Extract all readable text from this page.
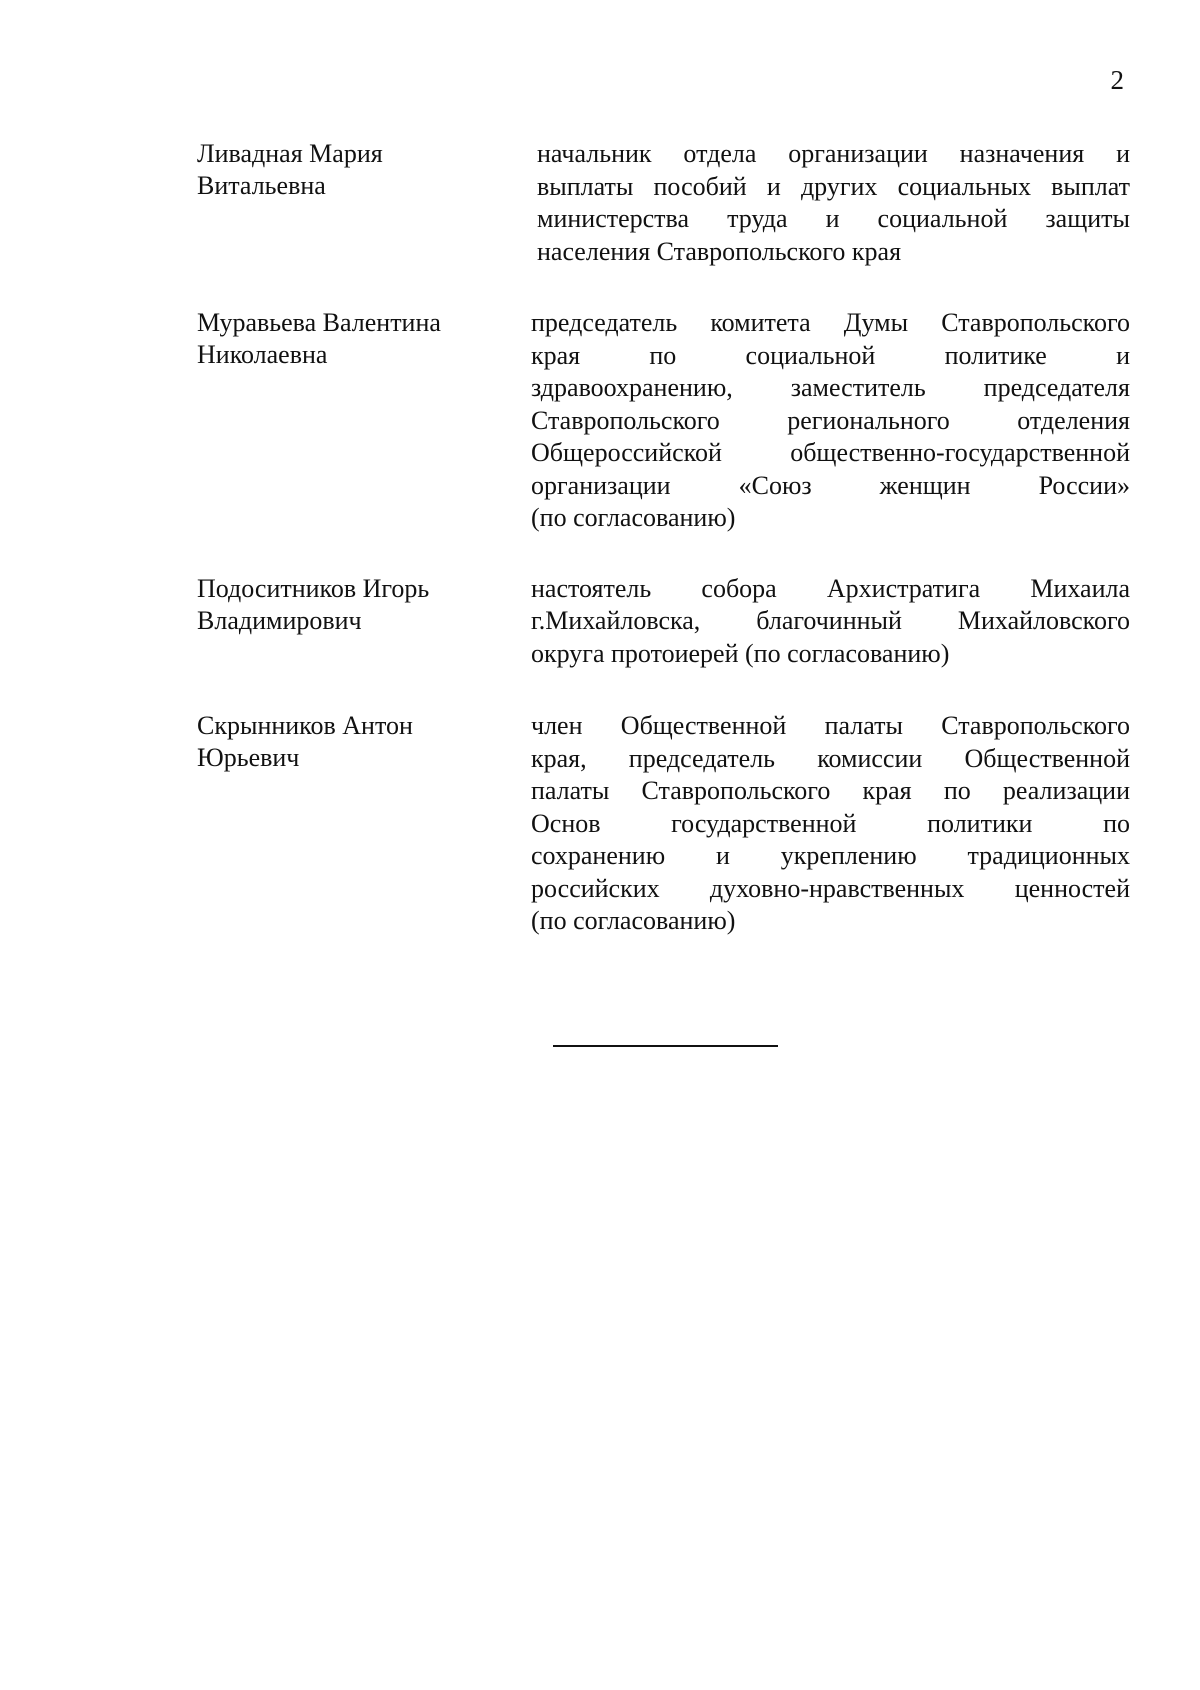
2
Ливадная Мария
Витальевна
начальник отдела организации назначения и
выплаты пособий и других социальных выплат
министерства труда и социальной защиты
населения Ставропольского края
Муравьева Валентина
Николаевна
председатель комитета Думы Ставропольского
края по социальной политике и
здравоохранению, заместитель председателя
Ставропольского регионального отделения
Общероссийской общественно-государственной
организации «Союз женщин России»
(по согласованию)
Подоситников Игорь
Владимирович
настоятель собора Архистратига Михаила
г.Михайловска, благочинный Михайловского
округа протоиерей (по согласованию)
Скрынников Антон
Юрьевич
член Общественной палаты Ставропольского
края, председатель комиссии Общественной
палаты Ставропольского края по реализации
Основ государственной политики по
сохранению и укреплению традиционных
российских духовно-нравственных ценностей
(по согласованию)
